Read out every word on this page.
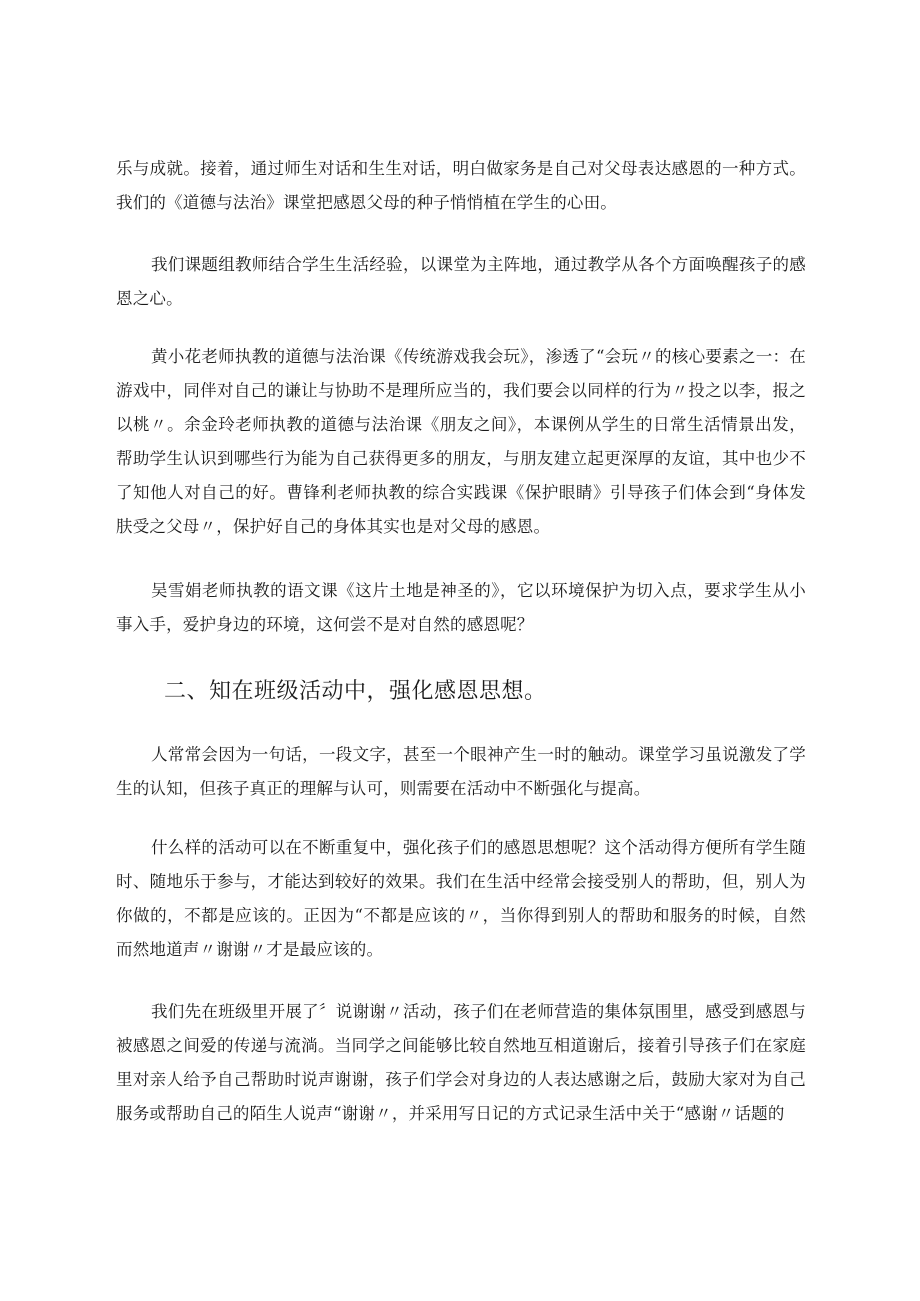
乐与成就。接着，通过师生对话和生生对话，明白做家务是自己对父母表达感恩的一种方式。我们的《道德与法治》课堂把感恩父母的种子悄悄植在学生的心田。

我们课题组教师结合学生生活经验，以课堂为主阵地，通过教学从各个方面唤醒孩子的感恩之心。

黄小花老师执教的道德与法治课《传统游戏我会玩》，渗透了“会玩〃的核心要素之一：在游戏中，同伴对自己的谦让与协助不是理所应当的，我们要会以同样的行为〃投之以李，报之以桃〃。余金玲老师执教的道德与法治课《朋友之间》，本课例从学生的日常生活情景出发，帮助学生认识到哪些行为能为自己获得更多的朋友，与朋友建立起更深厚的友谊，其中也少不了知他人对自己的好。曹锋利老师执教的综合实践课《保护眼睛》引导孩子们体会到“身体发肤受之父母〃，保护好自己的身体其实也是对父母的感恩。

吴雪娟老师执教的语文课《这片土地是神圣的》，它以环境保护为切入点，要求学生从小事入手，爱护身边的环境，这何尝不是对自然的感恩呢？

二、知在班级活动中，强化感恩思想。

人常常会因为一句话，一段文字，甚至一个眼神产生一时的触动。课堂学习虽说激发了学生的认知，但孩子真正的理解与认可，则需要在活动中不断强化与提高。

什么样的活动可以在不断重复中，强化孩子们的感恩思想呢？这个活动得方便所有学生随时、随地乐于参与，才能达到较好的效果。我们在生活中经常会接受别人的帮助，但，别人为你做的，不都是应该的。正因为“不都是应该的〃，当你得到别人的帮助和服务的时候，自然而然地道声〃谢谢〃才是最应该的。

我们先在班级里开展了〞说谢谢〃活动，孩子们在老师营造的集体氛围里，感受到感恩与被感恩之间爱的传递与流淌。当同学之间能够比较自然地互相道谢后，接着引导孩子们在家庭里对亲人给予自己帮助时说声谢谢，孩子们学会对身边的人表达感谢之后，鼓励大家对为自己服务或帮助自己的陌生人说声“谢谢〃，并采用写日记的方式记录生活中关于“感谢〃话题的
